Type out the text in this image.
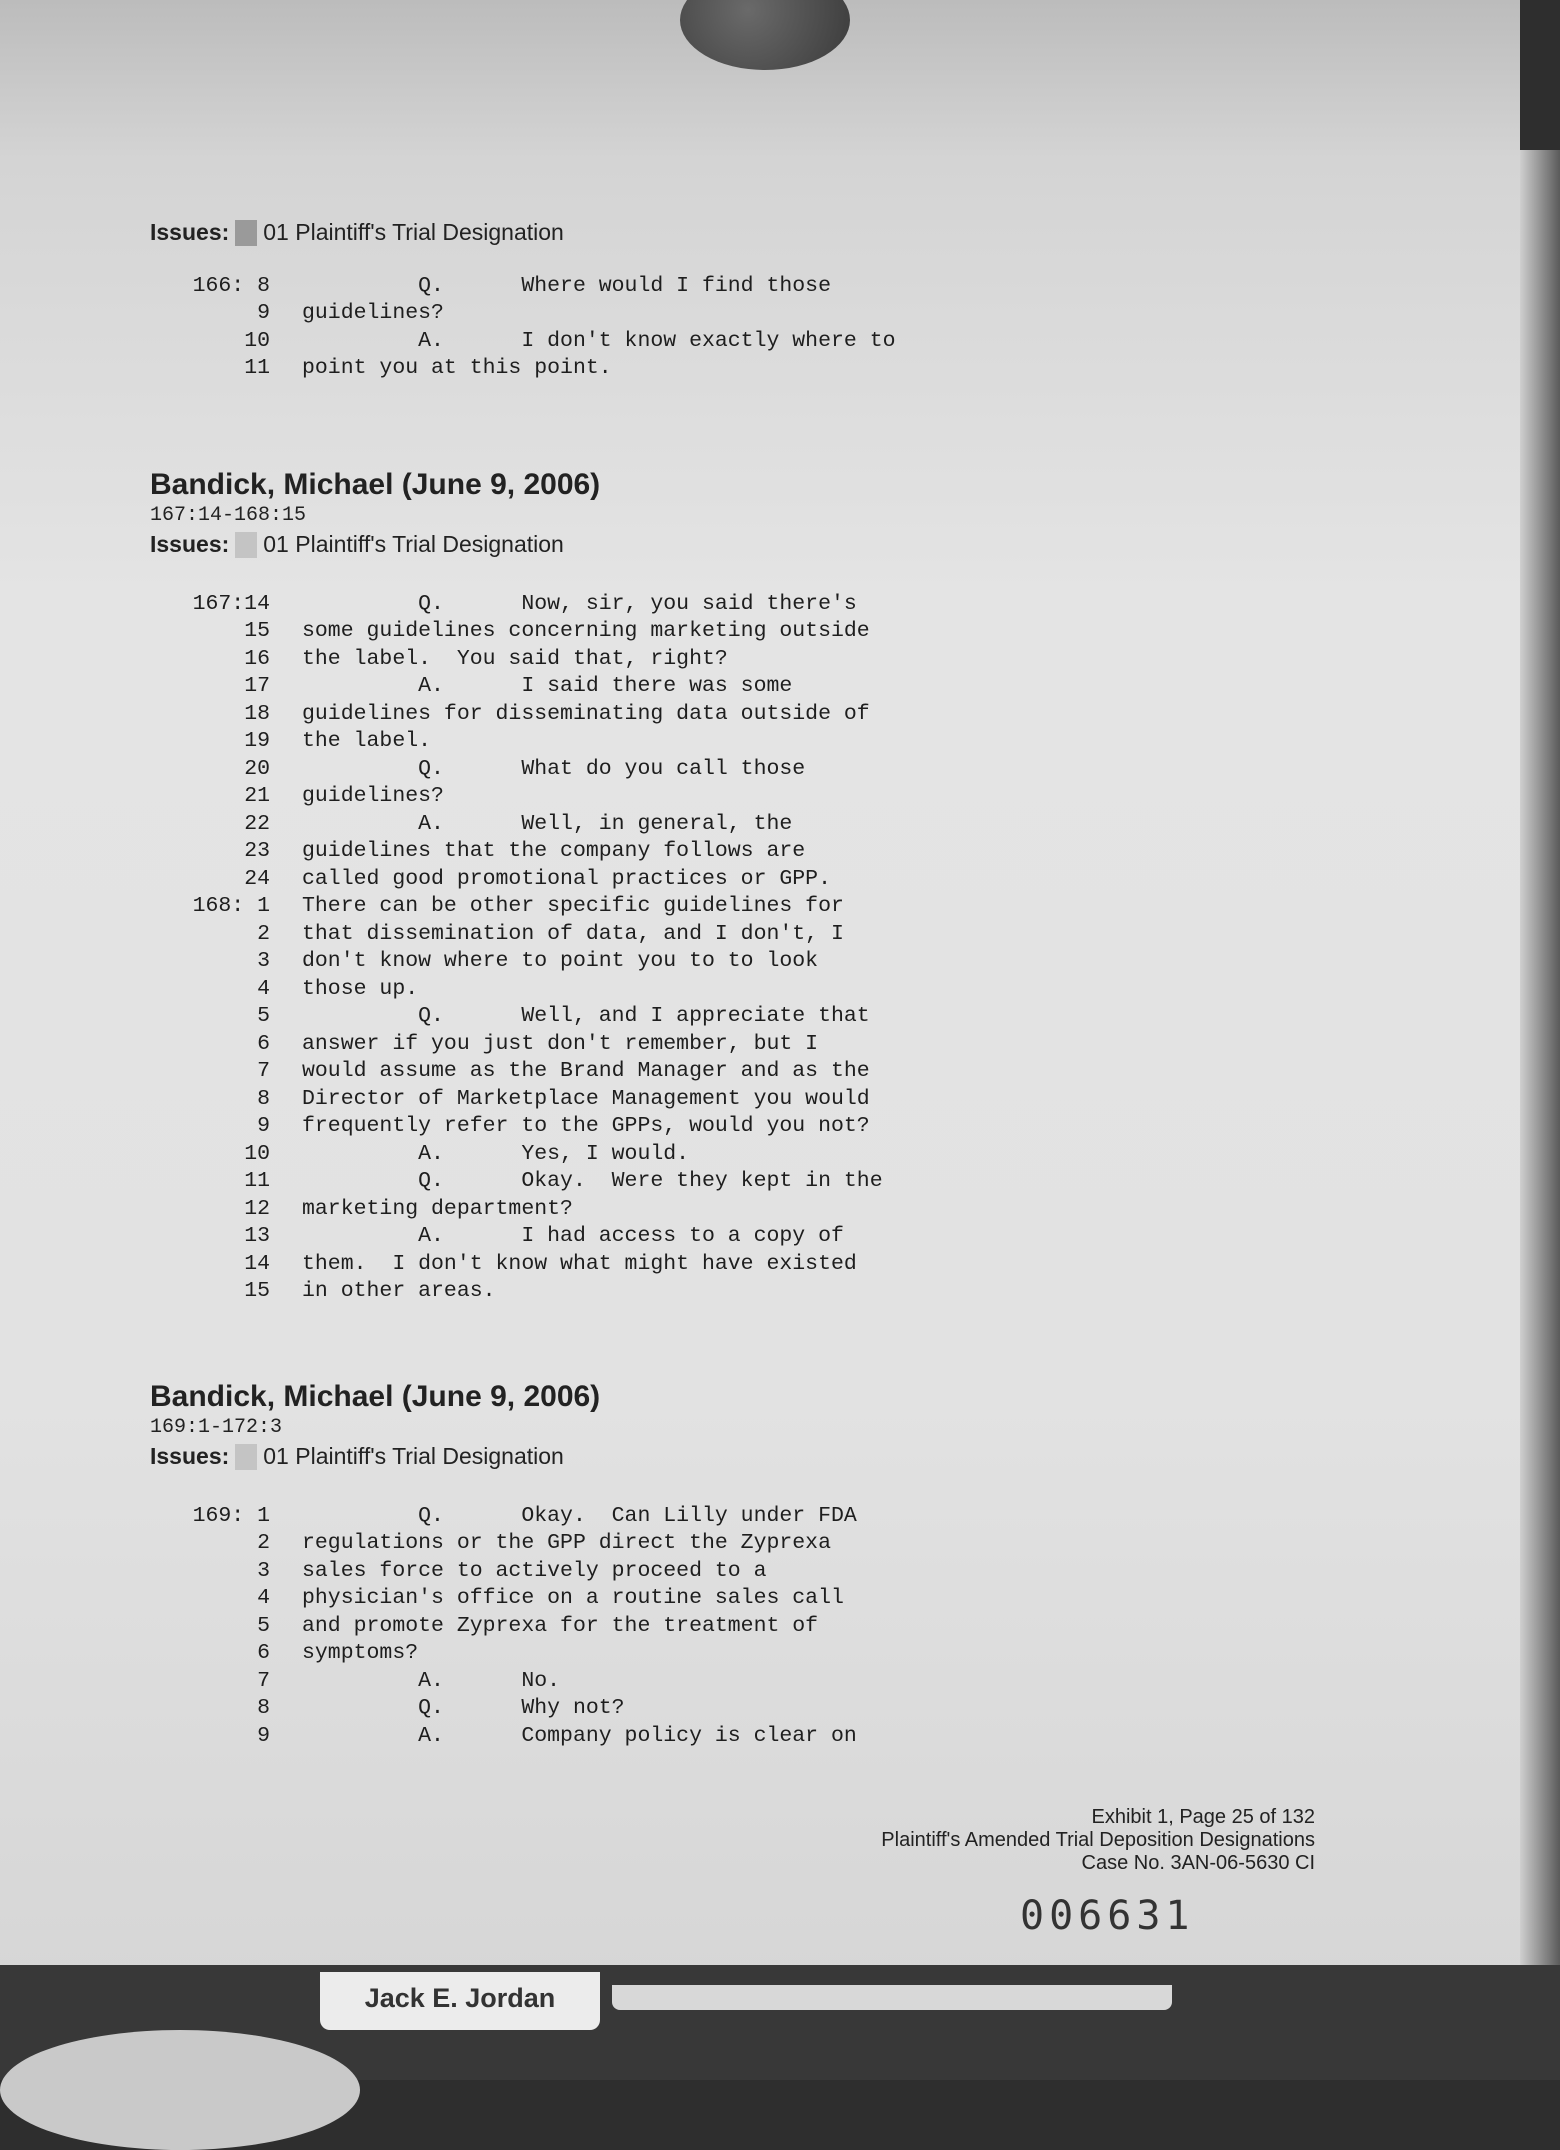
Issues: 01 Plaintiff's Trial Designation
166: 8	Q.      Where would I find those
9	guidelines?
10	A.      I don't know exactly where to
11	point you at this point.
Bandick, Michael (June 9, 2006)
167:14-168:15
Issues: 01 Plaintiff's Trial Designation
167:14	Q.      Now, sir, you said there's
15	some guidelines concerning marketing outside
16	the label.  You said that, right?
17	A.      I said there was some
18	guidelines for disseminating data outside of
19	the label.
20	Q.      What do you call those
21	guidelines?
22	A.      Well, in general, the
23	guidelines that the company follows are
24	called good promotional practices or GPP.
168: 1	There can be other specific guidelines for
2	that dissemination of data, and I don't, I
3	don't know where to point you to to look
4	those up.
5	Q.      Well, and I appreciate that
6	answer if you just don't remember, but I
7	would assume as the Brand Manager and as the
8	Director of Marketplace Management you would
9	frequently refer to the GPPs, would you not?
10	A.      Yes, I would.
11	Q.      Okay.  Were they kept in the
12	marketing department?
13	A.      I had access to a copy of
14	them.  I don't know what might have existed
15	in other areas.
Bandick, Michael (June 9, 2006)
169:1-172:3
Issues: 01 Plaintiff's Trial Designation
169: 1	Q.      Okay.  Can Lilly under FDA
2	regulations or the GPP direct the Zyprexa
3	sales force to actively proceed to a
4	physician's office on a routine sales call
5	and promote Zyprexa for the treatment of
6	symptoms?
7	A.      No.
8	Q.      Why not?
9	A.      Company policy is clear on
Exhibit 1, Page 25 of 132
Plaintiff's Amended Trial Deposition Designations
Case No. 3AN-06-5630 CI
006631
Jack E. Jordan
